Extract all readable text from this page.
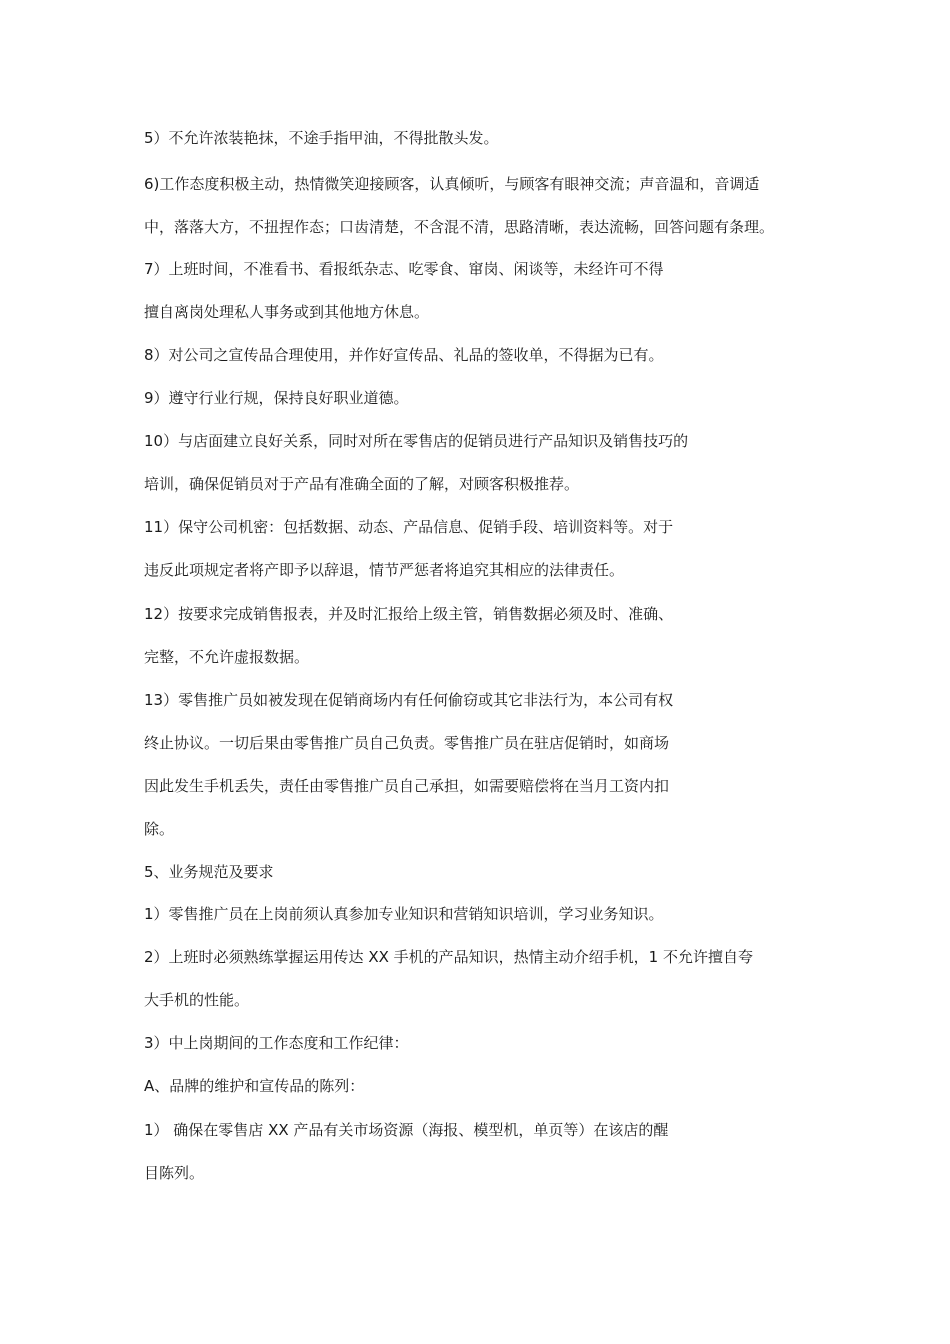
5）不允许浓装艳抹，不途手指甲油，不得批散头发。
6)工作态度积极主动，热情微笑迎接顾客，认真倾听，与顾客有眼神交流；声音温和，音调适
中，落落大方，不扭捏作态；口齿清楚，不含混不清，思路清晰，表达流畅，回答问题有条理。
7）上班时间，不准看书、看报纸杂志、吃零食、窜岗、闲谈等，未经许可不得
擅自离岗处理私人事务或到其他地方休息。
8）对公司之宣传品合理使用，并作好宣传品、礼品的签收单，不得据为已有。
9）遵守行业行规，保持良好职业道德。
10）与店面建立良好关系，同时对所在零售店的促销员进行产品知识及销售技巧的
培训，确保促销员对于产品有准确全面的了解，对顾客积极推荐。
11）保守公司机密：包括数据、动态、产品信息、促销手段、培训资料等。对于
违反此项规定者将产即予以辞退，情节严惩者将追究其相应的法律责任。
12）按要求完成销售报表，并及时汇报给上级主管，销售数据必须及时、准确、
完整，不允许虚报数据。
13）零售推广员如被发现在促销商场内有任何偷窃或其它非法行为，本公司有权
终止协议。一切后果由零售推广员自己负责。零售推广员在驻店促销时，如商场
因此发生手机丢失，责任由零售推广员自己承担，如需要赔偿将在当月工资内扣
除。
5、业务规范及要求
1）零售推广员在上岗前须认真参加专业知识和营销知识培训，学习业务知识。
2）上班时必须熟练掌握运用传达 XX 手机的产品知识，热情主动介绍手机，1 不允许擅自夸
大手机的性能。
3）中上岗期间的工作态度和工作纪律：
A、品牌的维护和宣传品的陈列：
1） 确保在零售店 XX 产品有关市场资源（海报、模型机，单页等）在该店的醒
目陈列。
